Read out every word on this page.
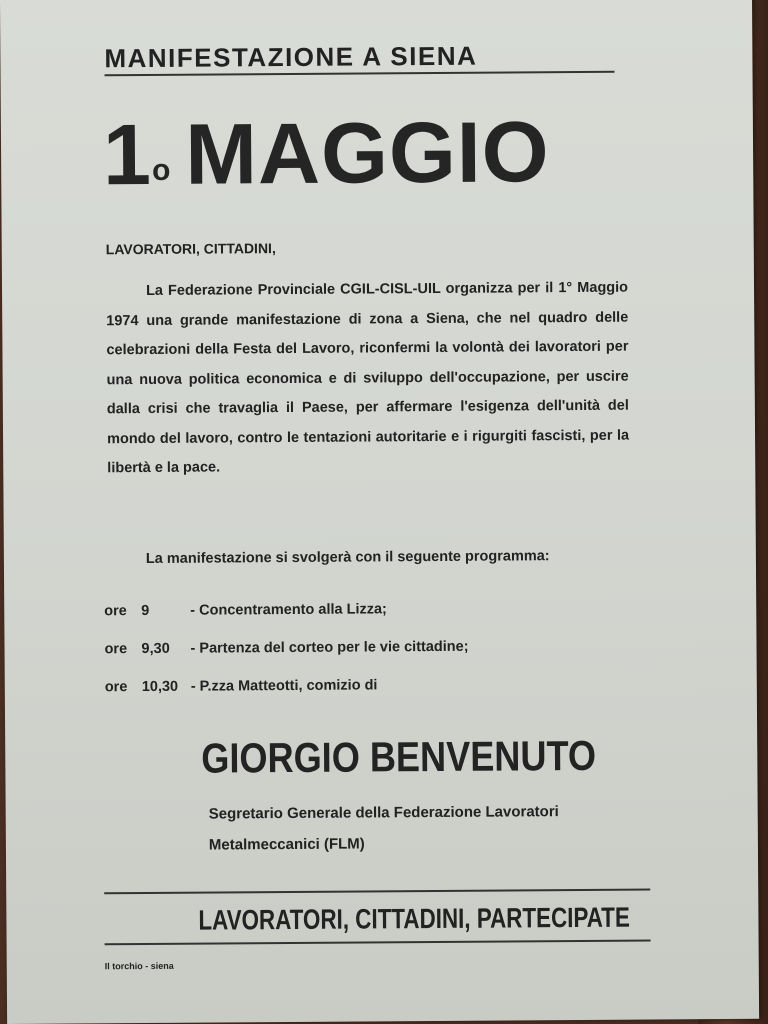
MANIFESTAZIONE A SIENA
1$^o$ MAGGIO
LAVORATORI, CITTADINI,

La Federazione Provinciale CGIL-CISL-UIL organizza per il 1° Maggio 1974 una grande manifestazione di zona a Siena, che nel quadro delle celebrazioni della Festa del Lavoro, riconfermi la volontà dei lavoratori per una nuova politica economica e di sviluppo dell'occupazione, per uscire dalla crisi che travaglia il Paese, per affermare l'esigenza dell'unità del mondo del lavoro, contro le tentazioni autoritarie e i rigurgiti fascisti, per la libertà e la pace.

La manifestazione si svolgerà con il seguente programma:
ore 9	- Concentramento alla Lizza;
ore 9,30 - Partenza del corteo per le vie cittadine;
ore 10,30 - P.zza Matteotti, comizio di
GIORGIO BENVENUTO
Segretario Generale della Federazione Lavoratori
Metalmeccanici (FLM)
LAVORATORI, CITTADINI, PARTECIPATE
Il torchio - siena
